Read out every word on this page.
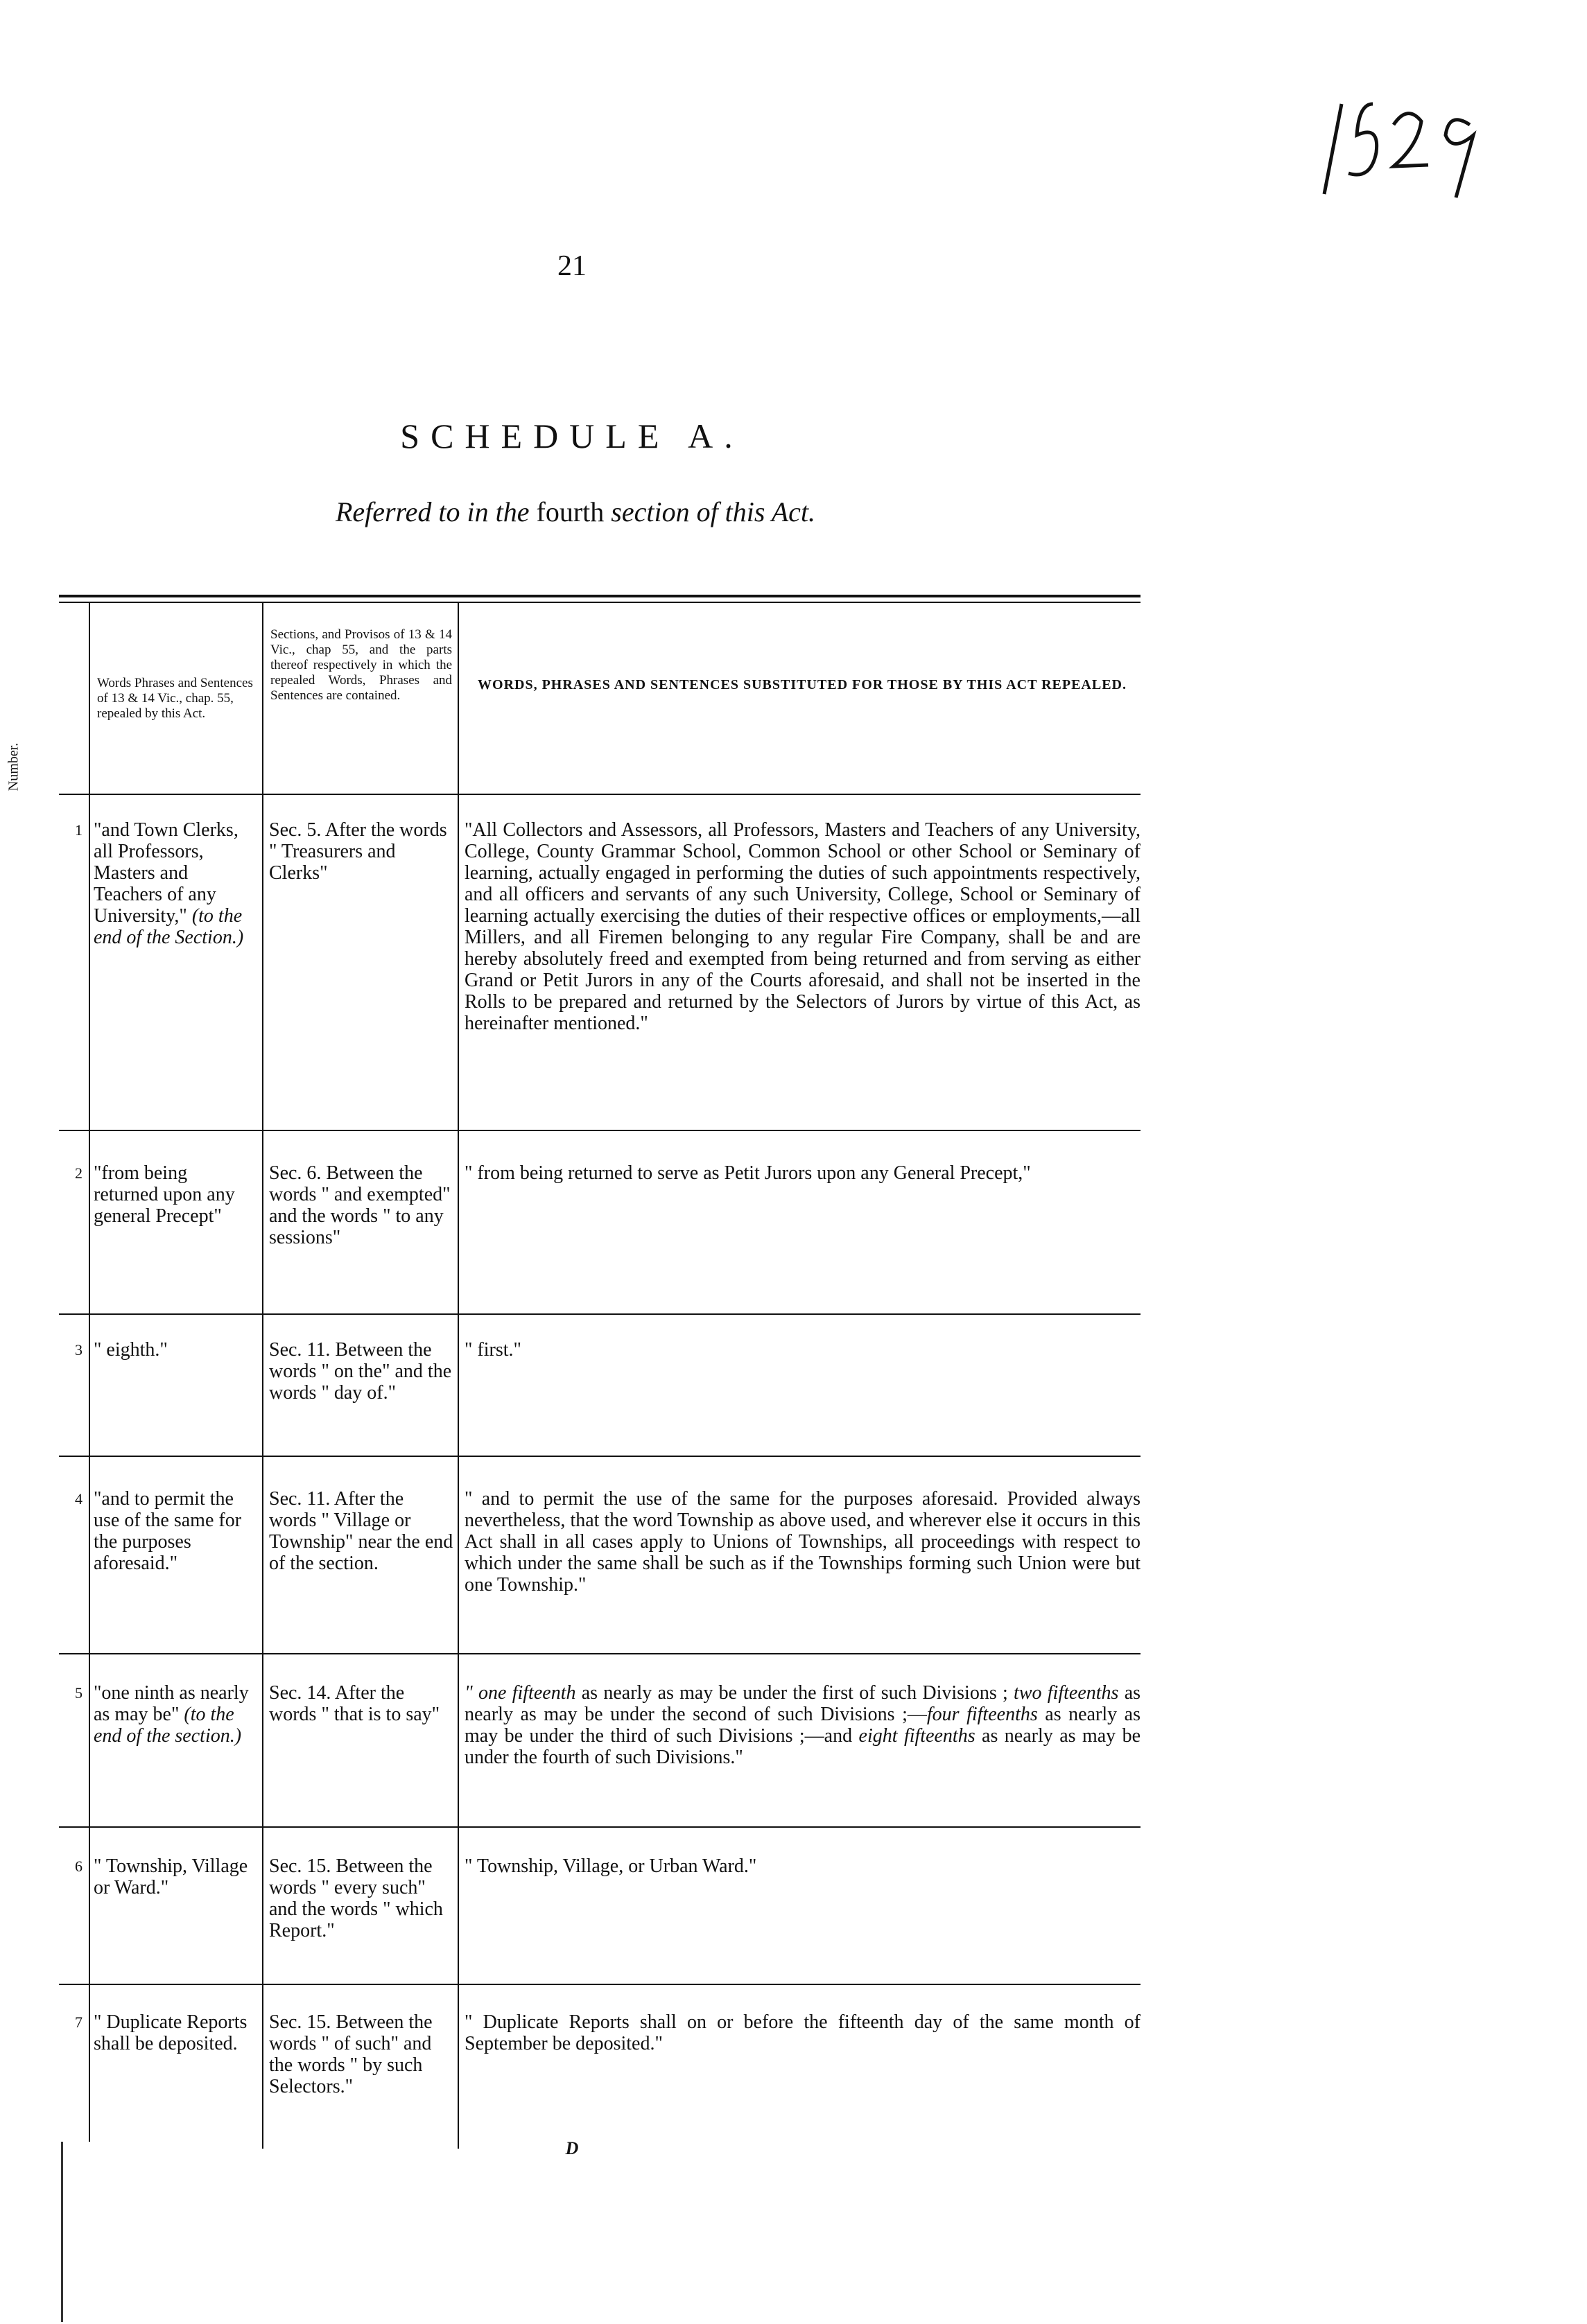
21
SCHEDULE A.
Referred to in the fourth section of this Act.
Number.
Words Phrases and Sentences of 13 & 14 Vic., chap. 55, repealed by this Act.
Sections, and Provisos of 13 & 14 Vic., chap 55, and the parts thereof respectively in which the repealed Words, Phrases and Sentences are contained.
WORDS, PHRASES AND SENTENCES SUBSTITUTED FOR THOSE BY THIS ACT REPEALED.
1 "and Town Clerks, all Professors, Masters and Teachers of any University," (to the end of the Section.)
Sec. 5. After the words " Treasurers and Clerks"
"All Collectors and Assessors, all Professors, Masters and Teachers of any University, College, County Grammar School, Common School or other School or Seminary of learning, actually engaged in performing the duties of such appointments respectively, and all officers and servants of any such University, College, School or Seminary of learning actually exercising the duties of their respective offices or employments,—all Millers, and all Firemen belonging to any regular Fire Company, shall be and are hereby absolutely freed and exempted from being returned and from serving as either Grand or Petit Jurors in any of the Courts aforesaid, and shall not be inserted in the Rolls to be prepared and returned by the Selectors of Jurors by virtue of this Act, as hereinafter mentioned."
2 "from being returned upon any general Precept"
Sec. 6. Between the words " and exempted" and the words " to any sessions"
" from being returned to serve as Petit Jurors upon any General Precept,"
3 " eighth."	Sec. 11. Between the words " on the" and the words " day of."
" first."
4 "and to permit the use of the same for the purposes aforesaid."
Sec. 11. After the words " Village or Township" near the end of the section.
" and to permit the use of the same for the purposes aforesaid. Provided always nevertheless, that the word Township as above used, and wherever else it occurs in this Act shall in all cases apply to Unions of Townships, all proceedings with respect to which under the same shall be such as if the Townships forming such Union were but one Township."
5 "one ninth as nearly as may be" (to the end of the section.)
Sec. 14. After the words " that is to say"
" one fifteenth as nearly as may be under the first of such Divisions ; two fifteenths as nearly as may be under the second of such Divisions ;—four fifteenths as nearly as may be under the third of such Divisions ;—and eight fifteenths as nearly as may be under the fourth of such Divisions."
6 " Township, Village or Ward."
Sec. 15. Between the words " every such" and the words " which Report."
" Township, Village, or Urban Ward."
7 " Duplicate Reports shall be deposited.
Sec. 15. Between the words " of such" and the words " by such Selectors."
" Duplicate Reports shall on or before the fifteenth day of the same month of September be deposited."
D
